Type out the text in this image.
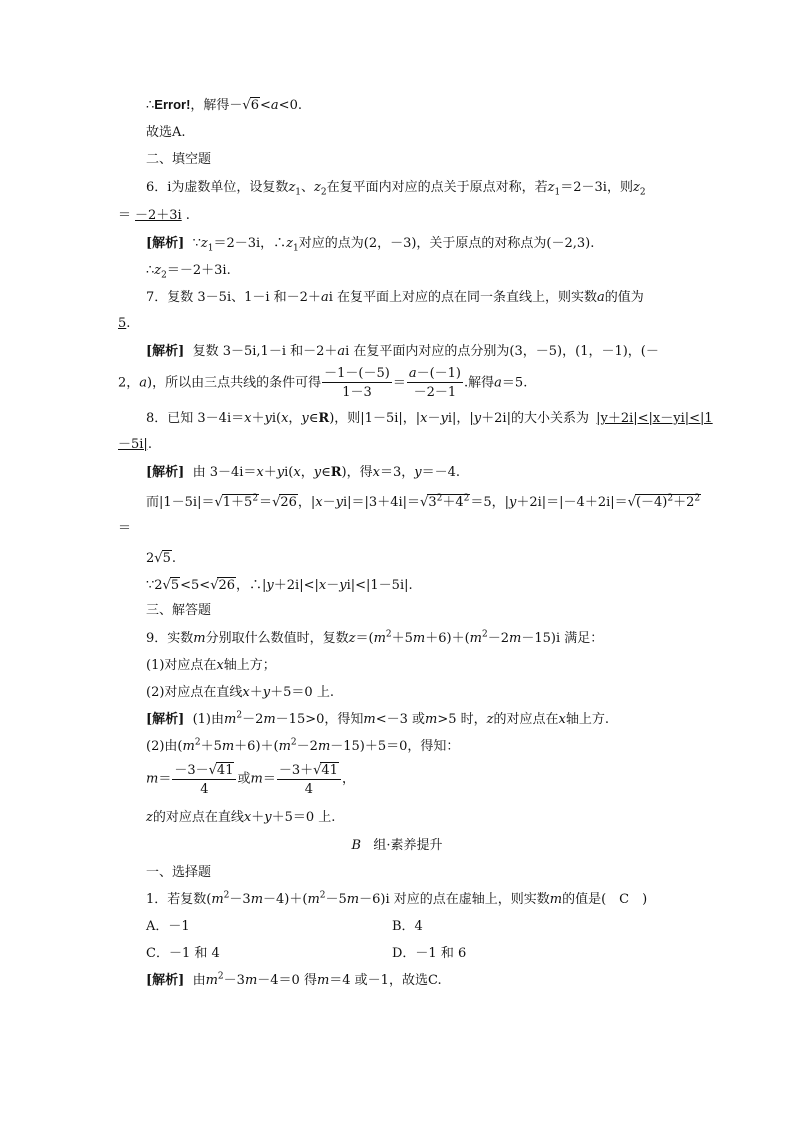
∴Error!，解得－√6<a<0.
故选A.
二、填空题
6．i为虚数单位，设复数$z_1$、$z_2$在复平面内对应的点关于原点对称，若$z_1=2-3i$，则$z_2$
＝ －2＋3i .
[解析] $\because z_1=2-3i$，$\therefore z_1$对应的点为(2，－3)，关于原点的对称点为(－2,3).
$\therefore z_2=-2+3i$.
7．复数 3－5i、1－i 和－2＋ai 在复平面上对应的点在同一条直线上，则实数a的值为
5.
[解析] 复数 3－5i,1－i 和－2＋ai 在复平面内对应的点分别为(3，－5)，(1，－1)，(－
2，a)，所以由三点共线的条件可得 $\frac{-1-(-5)}{1-3} = \frac{a-(-1)}{-2-1}$ .解得a＝5.
8．已知 3－4i＝x＋yi(x，y∈R)，则|1－5i|，|x－yi|，|y＋2i|的大小关系为 |y＋2i|<|x－yi|<|1
－5i|.
[解析] 由 3－4i＝x＋yi(x，y∈R)，得x＝3，y＝－4.
而$|1-5i|=√1+5^2=√26$，$|x-yi|=|3+4i|=√3^2+4^2=5$，$|y+2i|=|-4+2i|=√(-4)^2+2^2$
＝
2√5.
∵2√5<5<√26，∴|y＋2i|<|x－yi|<|1－5i|.
三、解答题
9．实数m分别取什么数值时，复数$z=(m^2+5m+6)+(m^2-2m-15)i$ 满足：
(1)对应点在x轴上方；
(2)对应点在直线x＋y＋5＝0 上.
[解析] (1)由$m^2-2m-15>0$，得知m<－3 或m>5 时，z的对应点在x轴上方.
(2)由$(m^2+5m+6)+(m^2-2m-15)+5=0$，得知：
$m= \frac{-3-√41}{4}$ 或$m= \frac{-3+√41}{4}$ ，
z的对应点在直线x＋y＋5＝0 上.
B 组·素养提升
一、选择题
1．若复数$(m^2-3m-4)+(m^2-5m-6)i$ 对应的点在虚轴上，则实数m的值是(　C　)
A．－1	B．4
C．－1 和 4	D．－1 和 6
[解析] 由$m^2-3m-4=0$ 得m＝4 或－1，故选C.
